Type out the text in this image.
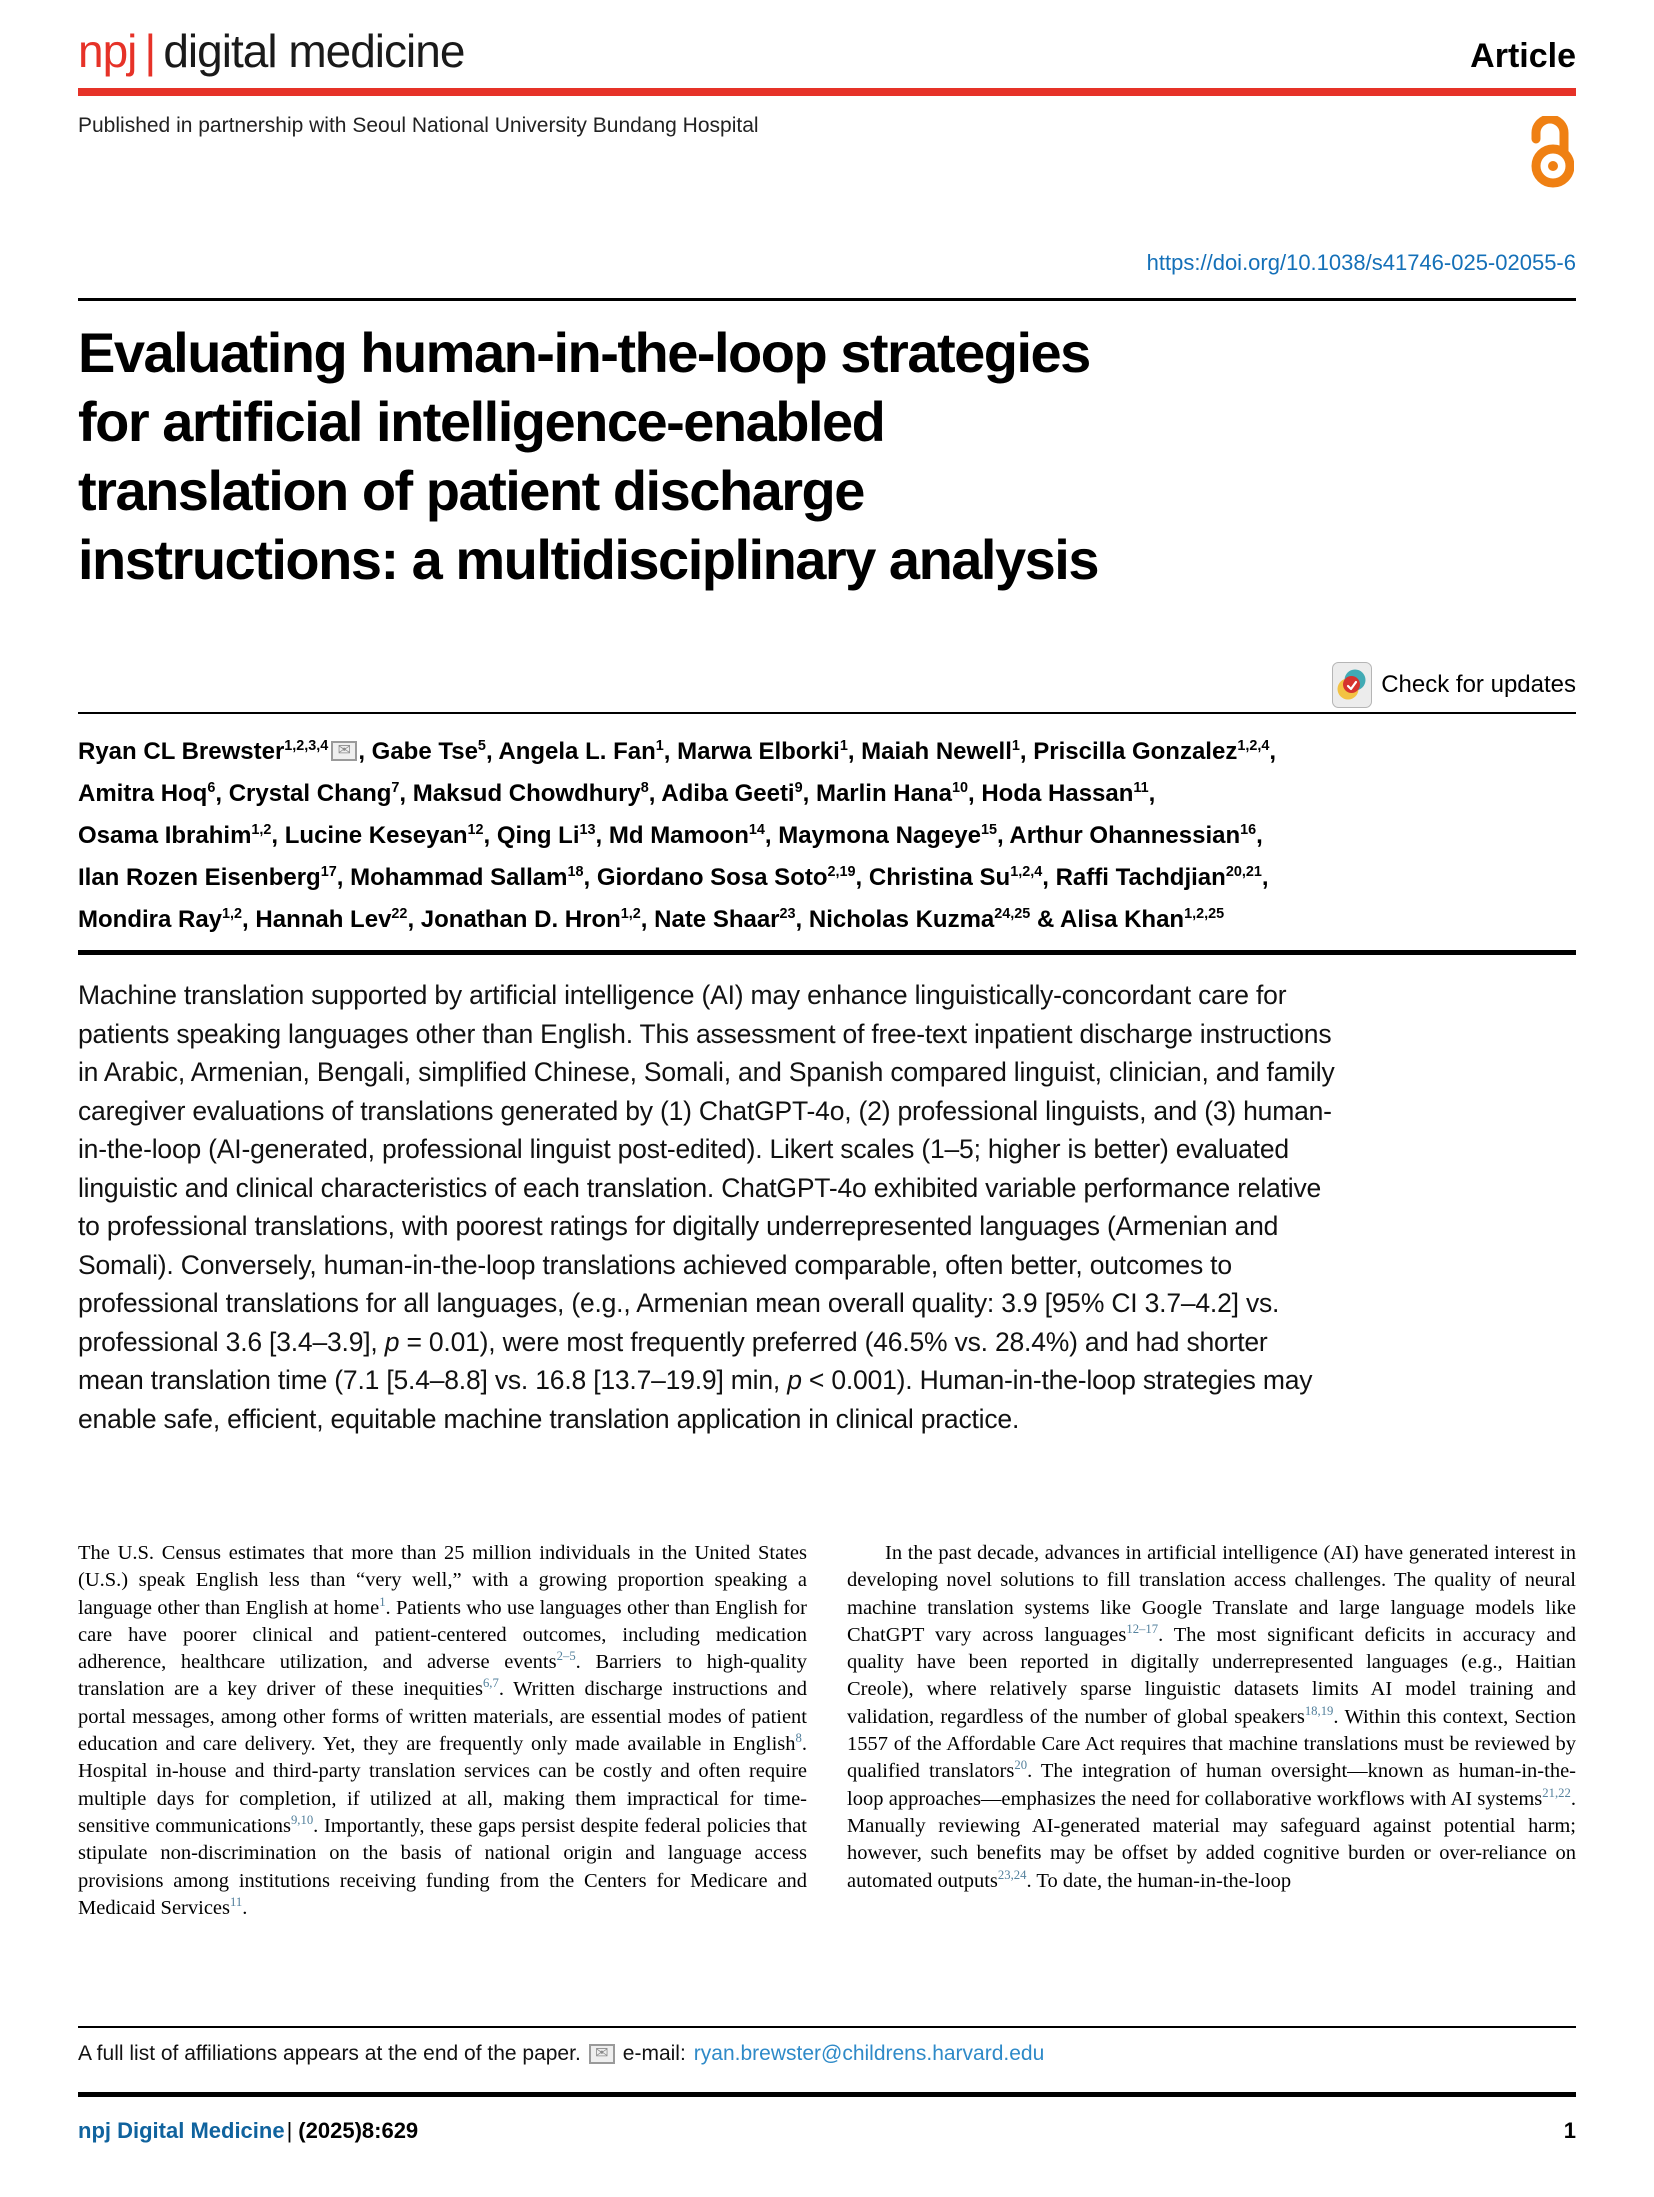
npj | digital medicine	Article
Published in partnership with Seoul National University Bundang Hospital
https://doi.org/10.1038/s41746-025-02055-6
Evaluating human-in-the-loop strategies
for artificial intelligence-enabled
translation of patient discharge
instructions: a multidisciplinary analysis
Check for updates
Ryan CL Brewster$^{1,2,3,4}$ ✉ , Gabe Tse$^5$, Angela L. Fan$^1$, Marwa Elborki$^1$, Maiah Newell$^1$, Priscilla Gonzalez$^{1,2,4}$,
Amitra Hoq$^6$, Crystal Chang$^7$, Maksud Chowdhury$^8$, Adiba Geeti$^9$, Marlin Hana$^{10}$, Hoda Hassan$^{11}$,
Osama Ibrahim$^{1,2}$, Lucine Keseyan$^{12}$, Qing Li$^{13}$, Md Mamoon$^{14}$, Maymona Nageye$^{15}$, Arthur Ohannessian$^{16}$,
Ilan Rozen Eisenberg$^{17}$, Mohammad Sallam$^{18}$, Giordano Sosa Soto$^{2,19}$, Christina Su$^{1,2,4}$, Raffi Tachdjian$^{20,21}$,
Mondira Ray$^{1,2}$, Hannah Lev$^{22}$, Jonathan D. Hron$^{1,2}$, Nate Shaar$^{23}$, Nicholas Kuzma$^{24,25}$ & Alisa Khan$^{1,2,25}$
Machine translation supported by artificial intelligence (AI) may enhance linguistically-concordant care for patients speaking languages other than English. This assessment of free-text inpatient discharge instructions in Arabic, Armenian, Bengali, simplified Chinese, Somali, and Spanish compared linguist, clinician, and family caregiver evaluations of translations generated by (1) ChatGPT-4o, (2) professional linguists, and (3) human-in-the-loop (AI-generated, professional linguist post-edited). Likert scales (1–5; higher is better) evaluated linguistic and clinical characteristics of each translation. ChatGPT-4o exhibited variable performance relative to professional translations, with poorest ratings for digitally underrepresented languages (Armenian and Somali). Conversely, human-in-the-loop translations achieved comparable, often better, outcomes to professional translations for all languages, (e.g., Armenian mean overall quality: 3.9 [95% CI 3.7–4.2] vs. professional 3.6 [3.4–3.9], p = 0.01), were most frequently preferred (46.5% vs. 28.4%) and had shorter mean translation time (7.1 [5.4–8.8] vs. 16.8 [13.7–19.9] min, p < 0.001). Human-in-the-loop strategies may enable safe, efficient, equitable machine translation application in clinical practice.

The U.S. Census estimates that more than 25 million individuals in the United States (U.S.) speak English less than “very well,” with a growing proportion speaking a language other than English at home$^1$. Patients who use languages other than English for care have poorer clinical and patient-centered outcomes, including medication adherence, healthcare utilization, and adverse events$^{2-5}$. Barriers to high-quality translation are a key driver of these inequities$^{6,7}$. Written discharge instructions and portal messages, among other forms of written materials, are essential modes of patient education and care delivery. Yet, they are frequently only made available in English$^8$. Hospital in-house and third-party translation services can be costly and often require multiple days for completion, if utilized at all, making them impractical for time-sensitive communications$^{9,10}$. Importantly, these gaps persist despite federal policies that stipulate non-discrimination on the basis of national origin and language access provisions among institutions receiving funding from the Centers for Medicare and Medicaid Services$^{11}$.

In the past decade, advances in artificial intelligence (AI) have generated interest in developing novel solutions to fill translation access challenges. The quality of neural machine translation systems like Google Translate and large language models like ChatGPT vary across languages$^{12-17}$. The most significant deficits in accuracy and quality have been reported in digitally underrepresented languages (e.g., Haitian Creole), where relatively sparse linguistic datasets limits AI model training and validation, regardless of the number of global speakers$^{18,19}$. Within this context, Section 1557 of the Affordable Care Act requires that machine translations must be reviewed by qualified translators$^{20}$. The integration of human oversight—known as human-in-the-loop approaches—emphasizes the need for collaborative workflows with AI systems$^{21,22}$. Manually reviewing AI-generated material may safeguard against potential harm; however, such benefits may be offset by added cognitive burden or over-reliance on automated outputs$^{23,24}$. To date, the human-in-the-loop

A full list of affiliations appears at the end of the paper. ✉ e-mail: ryan.brewster@childrens.harvard.edu
npj Digital Medicine| (2025)8:629	1
